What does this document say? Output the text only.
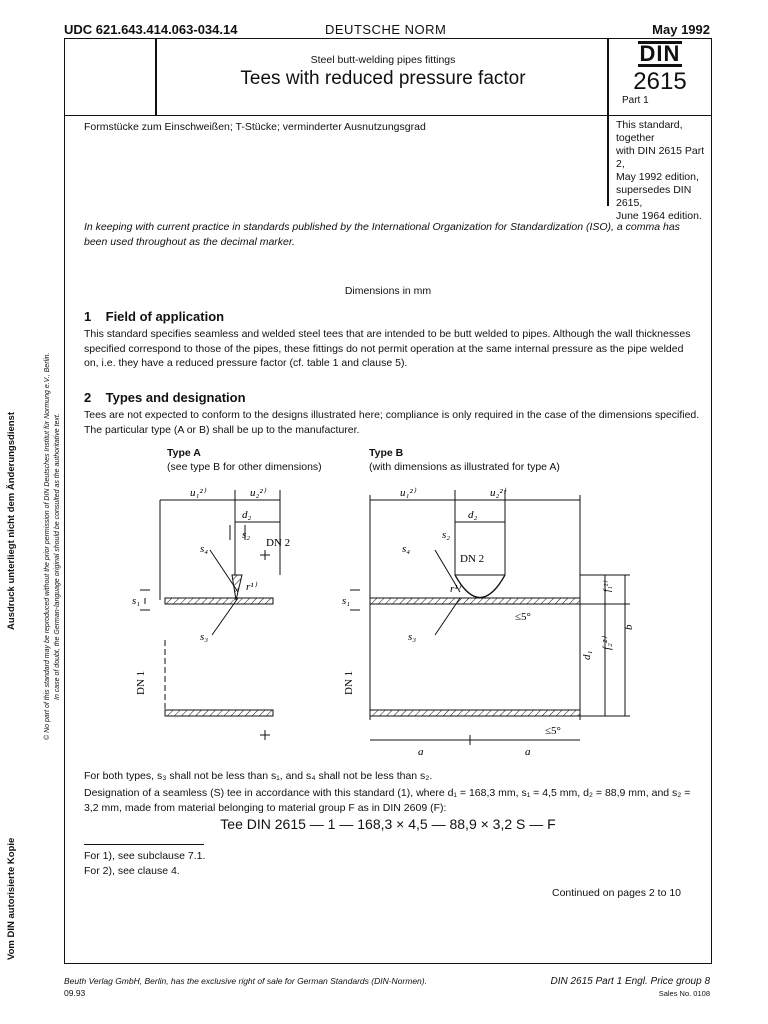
UDC 621.643.414.063-034.14	DEUTSCHE NORM	May 1992
Steel butt-welding pipes fittings
Tees with reduced pressure factor
DIN
2615
Part 1
Formstücke zum Einschweißen; T-Stücke; verminderter Ausnutzungsgrad	This standard, together
with DIN 2615 Part 2,
May 1992 edition,
supersedes DIN 2615,
June 1964 edition.
In keeping with current practice in standards published by the International Organization for Standardization (ISO), a comma has been used throughout as the decimal marker.
Dimensions in mm
1 Field of application
This standard specifies seamless and welded steel tees that are intended to be butt welded to pipes. Although the wall thicknesses specified correspond to those of the pipes, these fittings do not permit operation at the same internal pressure as the pipe welded on, i.e. they have a reduced pressure factor (cf. table 1 and clause 5).
2 Types and designation
Tees are not expected to conform to the designs illustrated here; compliance is only required in the case of the dimensions specified. The particular type (A or B) shall be up to the manufacturer.
Type A
(see type B for other dimensions)
Type B
(with dimensions as illustrated for type A)
u₁²⁾	u₂²⁾
d₂
s₂
s₄	DN 2
r¹⁾
s₁
s₃
DN 1
u₁²⁾	u₂²⁾
d₂
s₂
s₄
DN 2
r¹⁾
s₁
s₃
DN 1
≤5°
≤5°
f₁²⁾
f₂²⁾
d₁
b
a	a
For both types, s₃ shall not be less than s₁, and s₄ shall not be less than s₂.
Designation of a seamless (S) tee in accordance with this standard (1), where d₁ = 168,3 mm, s₁ = 4,5 mm, d₂ = 88,9 mm, and s₂ = 3,2 mm, made from material belonging to material group F as in DIN 2609 (F):
Tee DIN 2615 — 1 — 168,3 × 4,5 — 88,9 × 3,2 S — F
For 1), see subclause 7.1.
For 2), see clause 4.
Continued on pages 2 to 10
Beuth Verlag GmbH, Berlin, has the exclusive right of sale for German Standards (DIN-Normen).
09.93
DIN 2615 Part 1 Engl. Price group 8
Sales No. 0108
Ausdruck unterliegt nicht dem Änderungsdienst
Vom DIN autorisierte Kopie
© No part of this standard may be reproduced without the prior permission of DIN Deutsches Institut für Normung e.V., Berlin. In case of doubt, the German-language original should be consulted as the authoritative text.
